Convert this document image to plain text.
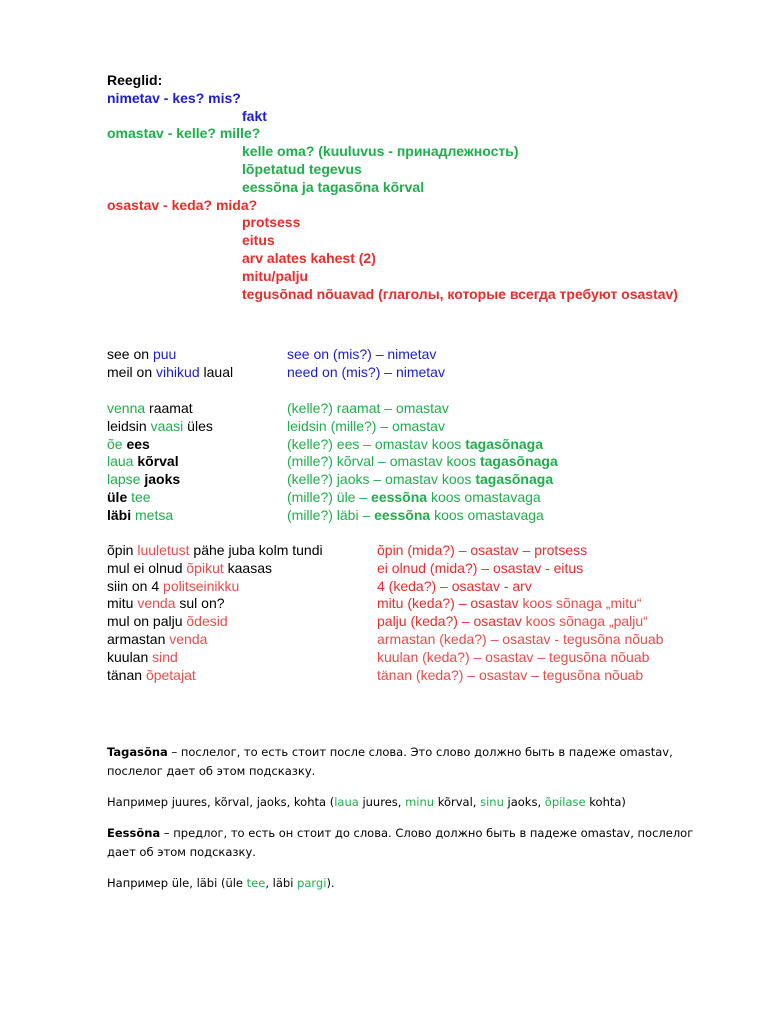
Reeglid:
nimetav - kes? mis?
fakt
omastav - kelle? mille?
kelle oma? (kuuluvus - принадлежность)
lõpetatud tegevus
eessõna ja tagasõna kõrval
osastav - keda? mida?
protsess
eitus
arv alates kahest (2)
mitu/palju
tegusõnad nõuavad (глаголы, которые всегда требуют osastav)
see on puu	see on (mis?) – nimetav
meil on vihikud laual	need on (mis?) – nimetav
venna raamat	(kelle?) raamat – omastav
leidsin vaasi üles	leidsin (mille?) – omastav
õe ees	(kelle?) ees – omastav koos tagasõnaga
laua kõrval	(mille?) kõrval – omastav koos tagasõnaga
lapse jaoks	(kelle?) jaoks – omastav koos tagasõnaga
üle tee	(mille?) üle – eessõna koos omastavaga
läbi metsa	(mille?) läbi – eessõna koos omastavaga
õpin luuletust pähe juba kolm tundi	õpin (mida?) – osastav – protsess
mul ei olnud õpikut kaasas	ei olnud (mida?) – osastav - eitus
siin on 4 politseinikku	4 (keda?) – osastav - arv
mitu venda sul on?	mitu (keda?) – osastav koos sõnaga „mitu“
mul on palju õdesid	palju (keda?) – osastav koos sõnaga „palju“
armastan venda	armastan (keda?) – osastav - tegusõna nõuab
kuulan sind	kuulan (keda?) – osastav – tegusõna nõuab
tänan õpetajat	tänan (keda?) – osastav – tegusõna nõuab

Tagasõna – послелог, то есть стоит после слова. Это слово должно быть в падеже omastav, послелог дает об этом подсказку.

Например juures, kõrval, jaoks, kohta (laua juures, minu kõrval, sinu jaoks, õpilase kohta)

Eessõna – предлог, то есть он стоит до слова. Слово должно быть в падеже omastav, послелог дает об этом подсказку.

Например üle, läbi (üle tee, läbi pargi).
